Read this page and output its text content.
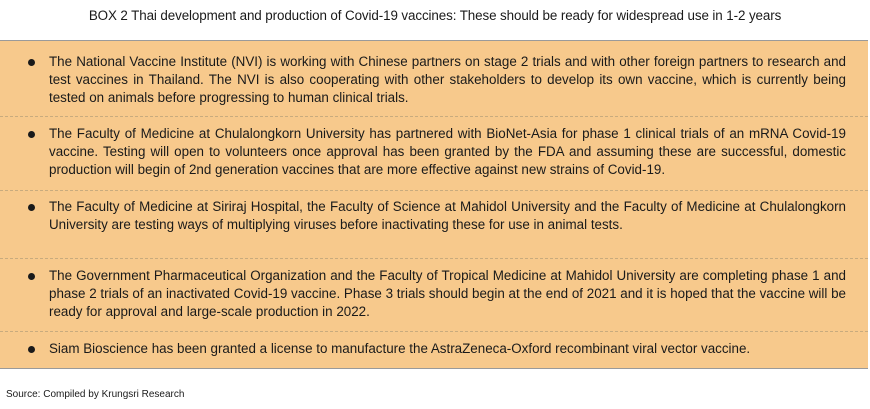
BOX 2 Thai development and production of Covid-19 vaccines: These should be ready for widespread use in 1-2 years
The National Vaccine Institute (NVI) is working with Chinese partners on stage 2 trials and with other foreign partners to research and test vaccines in Thailand. The NVI is also cooperating with other stakeholders to develop its own vaccine, which is currently being tested on animals before progressing to human clinical trials.
The Faculty of Medicine at Chulalongkorn University has partnered with BioNet-Asia for phase 1 clinical trials of an mRNA Covid-19 vaccine. Testing will open to volunteers once approval has been granted by the FDA and assuming these are successful, domestic production will begin of 2nd generation vaccines that are more effective against new strains of Covid-19.
The Faculty of Medicine at Siriraj Hospital, the Faculty of Science at Mahidol University and the Faculty of Medicine at Chulalongkorn University are testing ways of multiplying viruses before inactivating these for use in animal tests.
The Government Pharmaceutical Organization and the Faculty of Tropical Medicine at Mahidol University are completing phase 1 and phase 2 trials of an inactivated Covid-19 vaccine. Phase 3 trials should begin at the end of 2021 and it is hoped that the vaccine will be ready for approval and large-scale production in 2022.
Siam Bioscience has been granted a license to manufacture the AstraZeneca-Oxford recombinant viral vector vaccine.
Source: Compiled by Krungsri Research
